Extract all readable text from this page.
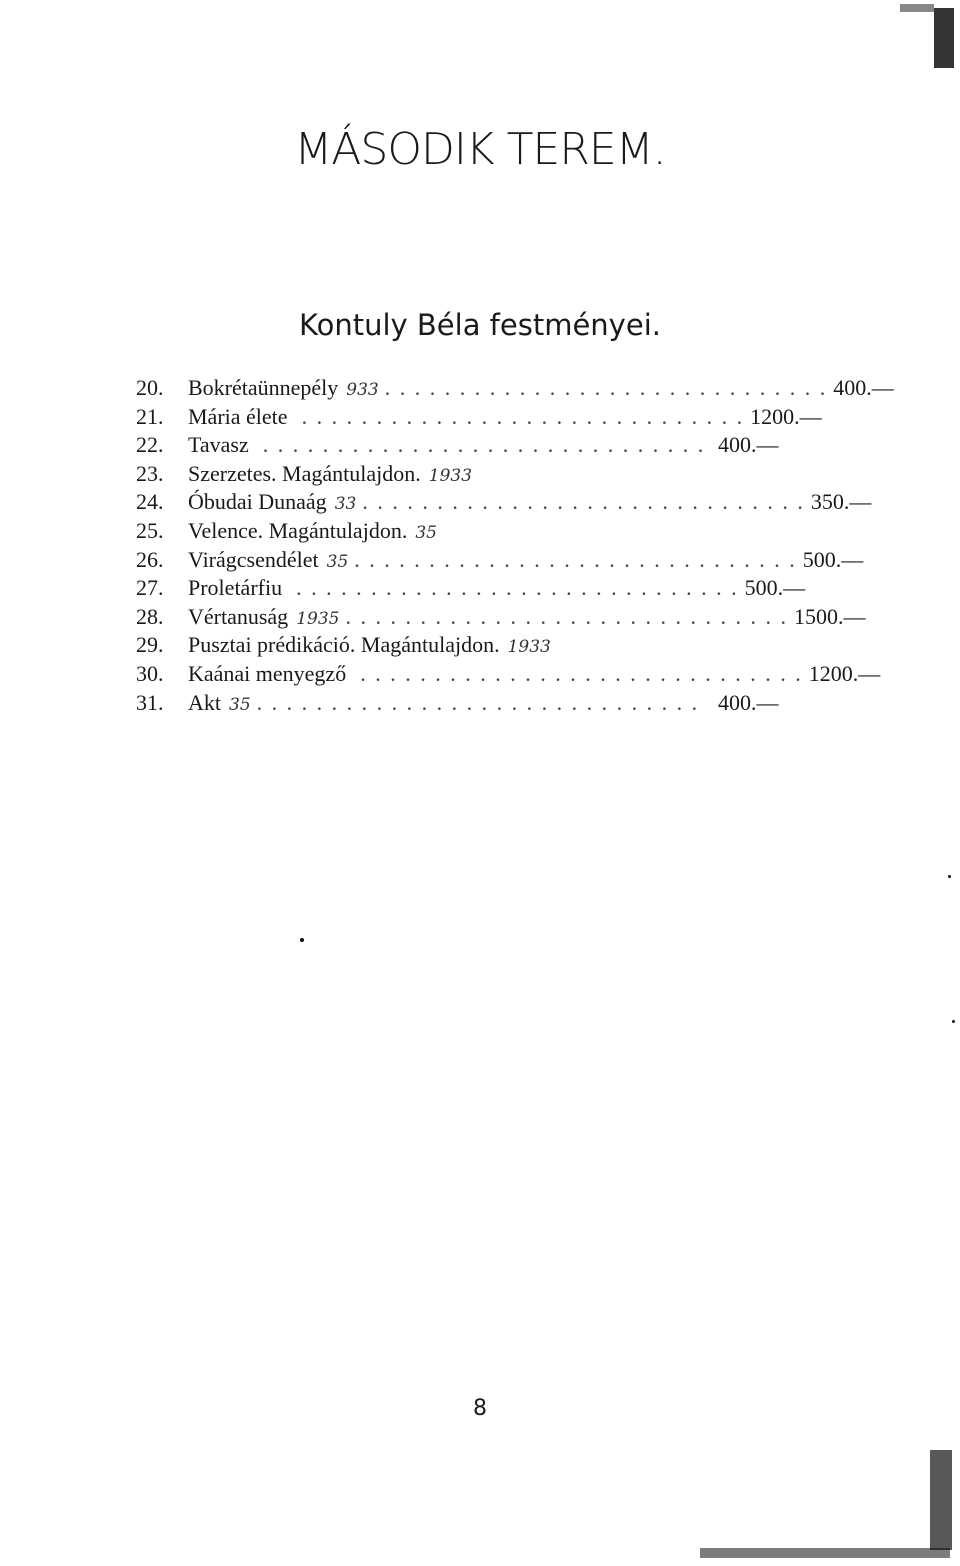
MÁSODIK TEREM.
Kontuly Béla festményei.
20.	Bokrétaünnepély 933 . . . . . . . . . . . . . . . . . . . . . . . . . . . . . . 400.—
21.	Mária élete . . . . . . . . . . . . . . . . . . . . . . . . . . . . . . 1200.—
22.	Tavasz . . . . . . . . . . . . . . . . . . . . . . . . . . . . . . 400.—
23.	Szerzetes. Magántulajdon. 1933
24.	Óbudai Dunaág 33 . . . . . . . . . . . . . . . . . . . . . . . . . . . . . . 350.—
25.	Velence. Magántulajdon. 35
26.	Virágcsendélet 35 . . . . . . . . . . . . . . . . . . . . . . . . . . . . . . 500.—
27.	Proletárfiu . . . . . . . . . . . . . . . . . . . . . . . . . . . . . . 500.—
28.	Vértanuság 1935 . . . . . . . . . . . . . . . . . . . . . . . . . . . . . . 1500.—
29.	Pusztai prédikáció. Magántulajdon. 1933
30.	Kaánai menyegző . . . . . . . . . . . . . . . . . . . . . . . . . . . . . . 1200.—
31.	Akt 35 . . . . . . . . . . . . . . . . . . . . . . . . . . . . . . 400.—
8
